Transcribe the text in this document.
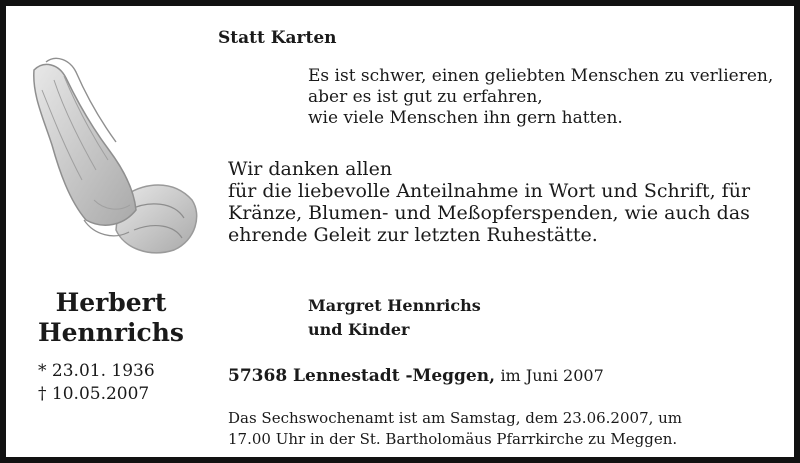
Statt Karten
Es ist schwer, einen geliebten Menschen zu verlieren,
aber es ist gut zu erfahren,
wie viele Menschen ihn gern hatten.
Wir danken allen
für die liebevolle Anteilnahme in Wort und Schrift, für
Kränze, Blumen- und Meßopferspenden, wie auch das
ehrende Geleit zur letzten Ruhestätte.
Herbert
Hennrichs
* 23.01. 1936
† 10.05.2007
Margret Hennrichs
und Kinder
57368 Lennestadt -Meggen, im Juni 2007
Das Sechswochenamt ist am Samstag, dem 23.06.2007, um
17.00 Uhr in der St. Bartholomäus Pfarrkirche zu Meggen.
